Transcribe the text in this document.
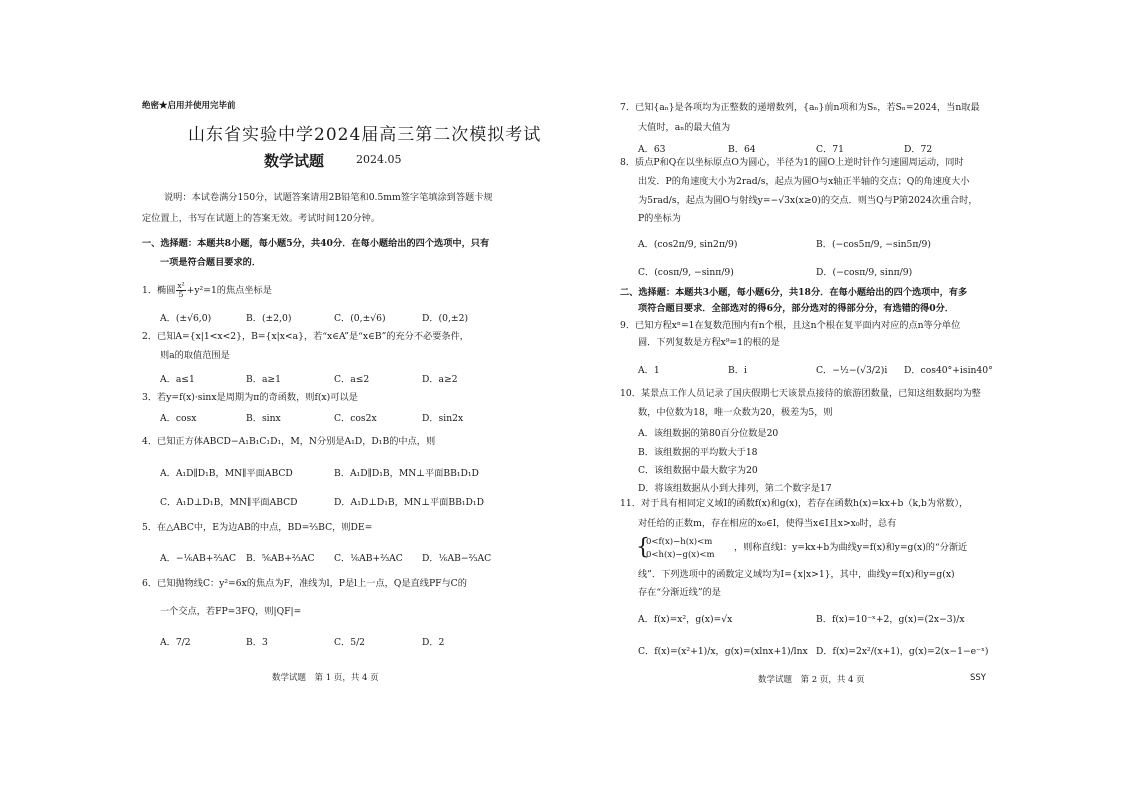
绝密★启用并使用完毕前
山东省实验中学2024届高三第二次模拟考试
数学试题	2024.05
说明：本试卷满分150分，试题答案请用2B铅笔和0.5mm签字笔填涂到答题卡规
定位置上，书写在试题上的答案无效。考试时间120分钟。
一、选择题：本题共8小题，每小题5分，共40分．在每小题给出的四个选项中，只有
一项是符合题目要求的．
1．椭圆 $\frac{\text{x²}}{5} +y^2=1$的焦点坐标是
A．(±√6,0)	B．(±2,0)	C．(0,±√6)	D．(0,±2)
2．已知A={x|1<x<2}，B={x|x<a}，若“x∈A”是“x∈B”的充分不必要条件，
则a的取值范围是
A．a≤1	B．a≥1	C．a≤2	D．a≥2
3．若y=f(x)·sinx是周期为π的奇函数，则f(x)可以是
A．cosx	B．sinx	C．cos2x	D．sin2x
4．已知正方体ABCD−A₁B₁C₁D₁，M，N分别是A₁D，D₁B的中点，则
A．A₁D∥D₁B，MN∥平面ABCD	B．A₁D∥D₁B，MN⊥平面BB₁D₁D
C．A₁D⊥D₁B，MN∥平面ABCD	D．A₁D⊥D₁B，MN⊥平面BB₁D₁D
5．在△ABC中，E为边AB的中点，BD=⅔BC，则DE=
A．−⅙AB+⅔AC B．⅚AB+⅔AC C．⅙AB+⅔AC D．⅙AB−⅔AC
6．已知抛物线C：y²=6x的焦点为F，准线为l，P是l上一点，Q是直线PF与C的
一个交点，若FP=3FQ，则|QF|=
A．7/2	B．3	C．5/2	D．2
数学试题　第 1 页，共 4 页
7．已知{aₙ}是各项均为正整数的递增数列，{aₙ}前n项和为Sₙ，若Sₙ=2024，当n取最
大值时，aₙ的最大值为
A．63	B．64	C．71	D．72
8．质点P和Q在以坐标原点O为圆心，半径为1的圆O上逆时针作匀速圆周运动，同时
出发．P的角速度大小为2rad/s，起点为圆O与x轴正半轴的交点；Q的角速度大小
为5rad/s，起点为圆O与射线y=−√3x(x≥0)的交点．则当Q与P第2024次重合时，
P的坐标为
A．(cos2π/9, sin2π/9)	B．(−cos5π/9, −sin5π/9)
C．(cosπ/9, −sinπ/9)	D．(−cosπ/9, sinπ/9)
二、选择题：本题共3小题，每小题6分，共18分．在每小题给出的四个选项中，有多
项符合题目要求．全部选对的得6分，部分选对的得部分分，有选错的得0分．
9．已知方程xⁿ=1在复数范围内有n个根，且这n个根在复平面内对应的点n等分单位
圆．下列复数是方程x⁹=1的根的是
A．1	B．i	C．−½−(√3/2)i D．cos40°+isin40°
10．某景点工作人员记录了国庆假期七天该景点接待的旅游团数量，已知这组数据均为整
数，中位数为18，唯一众数为20，极差为5，则
A．该组数据的第80百分位数是20
B．该组数据的平均数大于18
C．该组数据中最大数字为20
D．将该组数据从小到大排列，第二个数字是17
11．对于具有相同定义域I的函数f(x)和g(x)，若存在函数h(x)=kx+b（k,b为常数），
对任给的正数m，存在相应的x₀∈I，使得当x∈I且x>x₀时，总有
{
0<f(x)−h(x)<m
0<h(x)−g(x)<m
，则称直线l：y=kx+b为曲线y=f(x)和y=g(x)的“分渐近
线”．下列选项中的函数定义域均为I={x|x>1}，其中，曲线y=f(x)和y=g(x)
存在“分渐近线”的是
A．f(x)=x²，g(x)=√x	B．f(x)=10⁻ˣ+2，g(x)=(2x−3)/x
C．f(x)=(x²+1)/x，g(x)=(xlnx+1)/lnx D．f(x)=2x²/(x+1)，g(x)=2(x−1−e⁻ˣ)
数学试题　第 2 页，共 4 页	SSY
